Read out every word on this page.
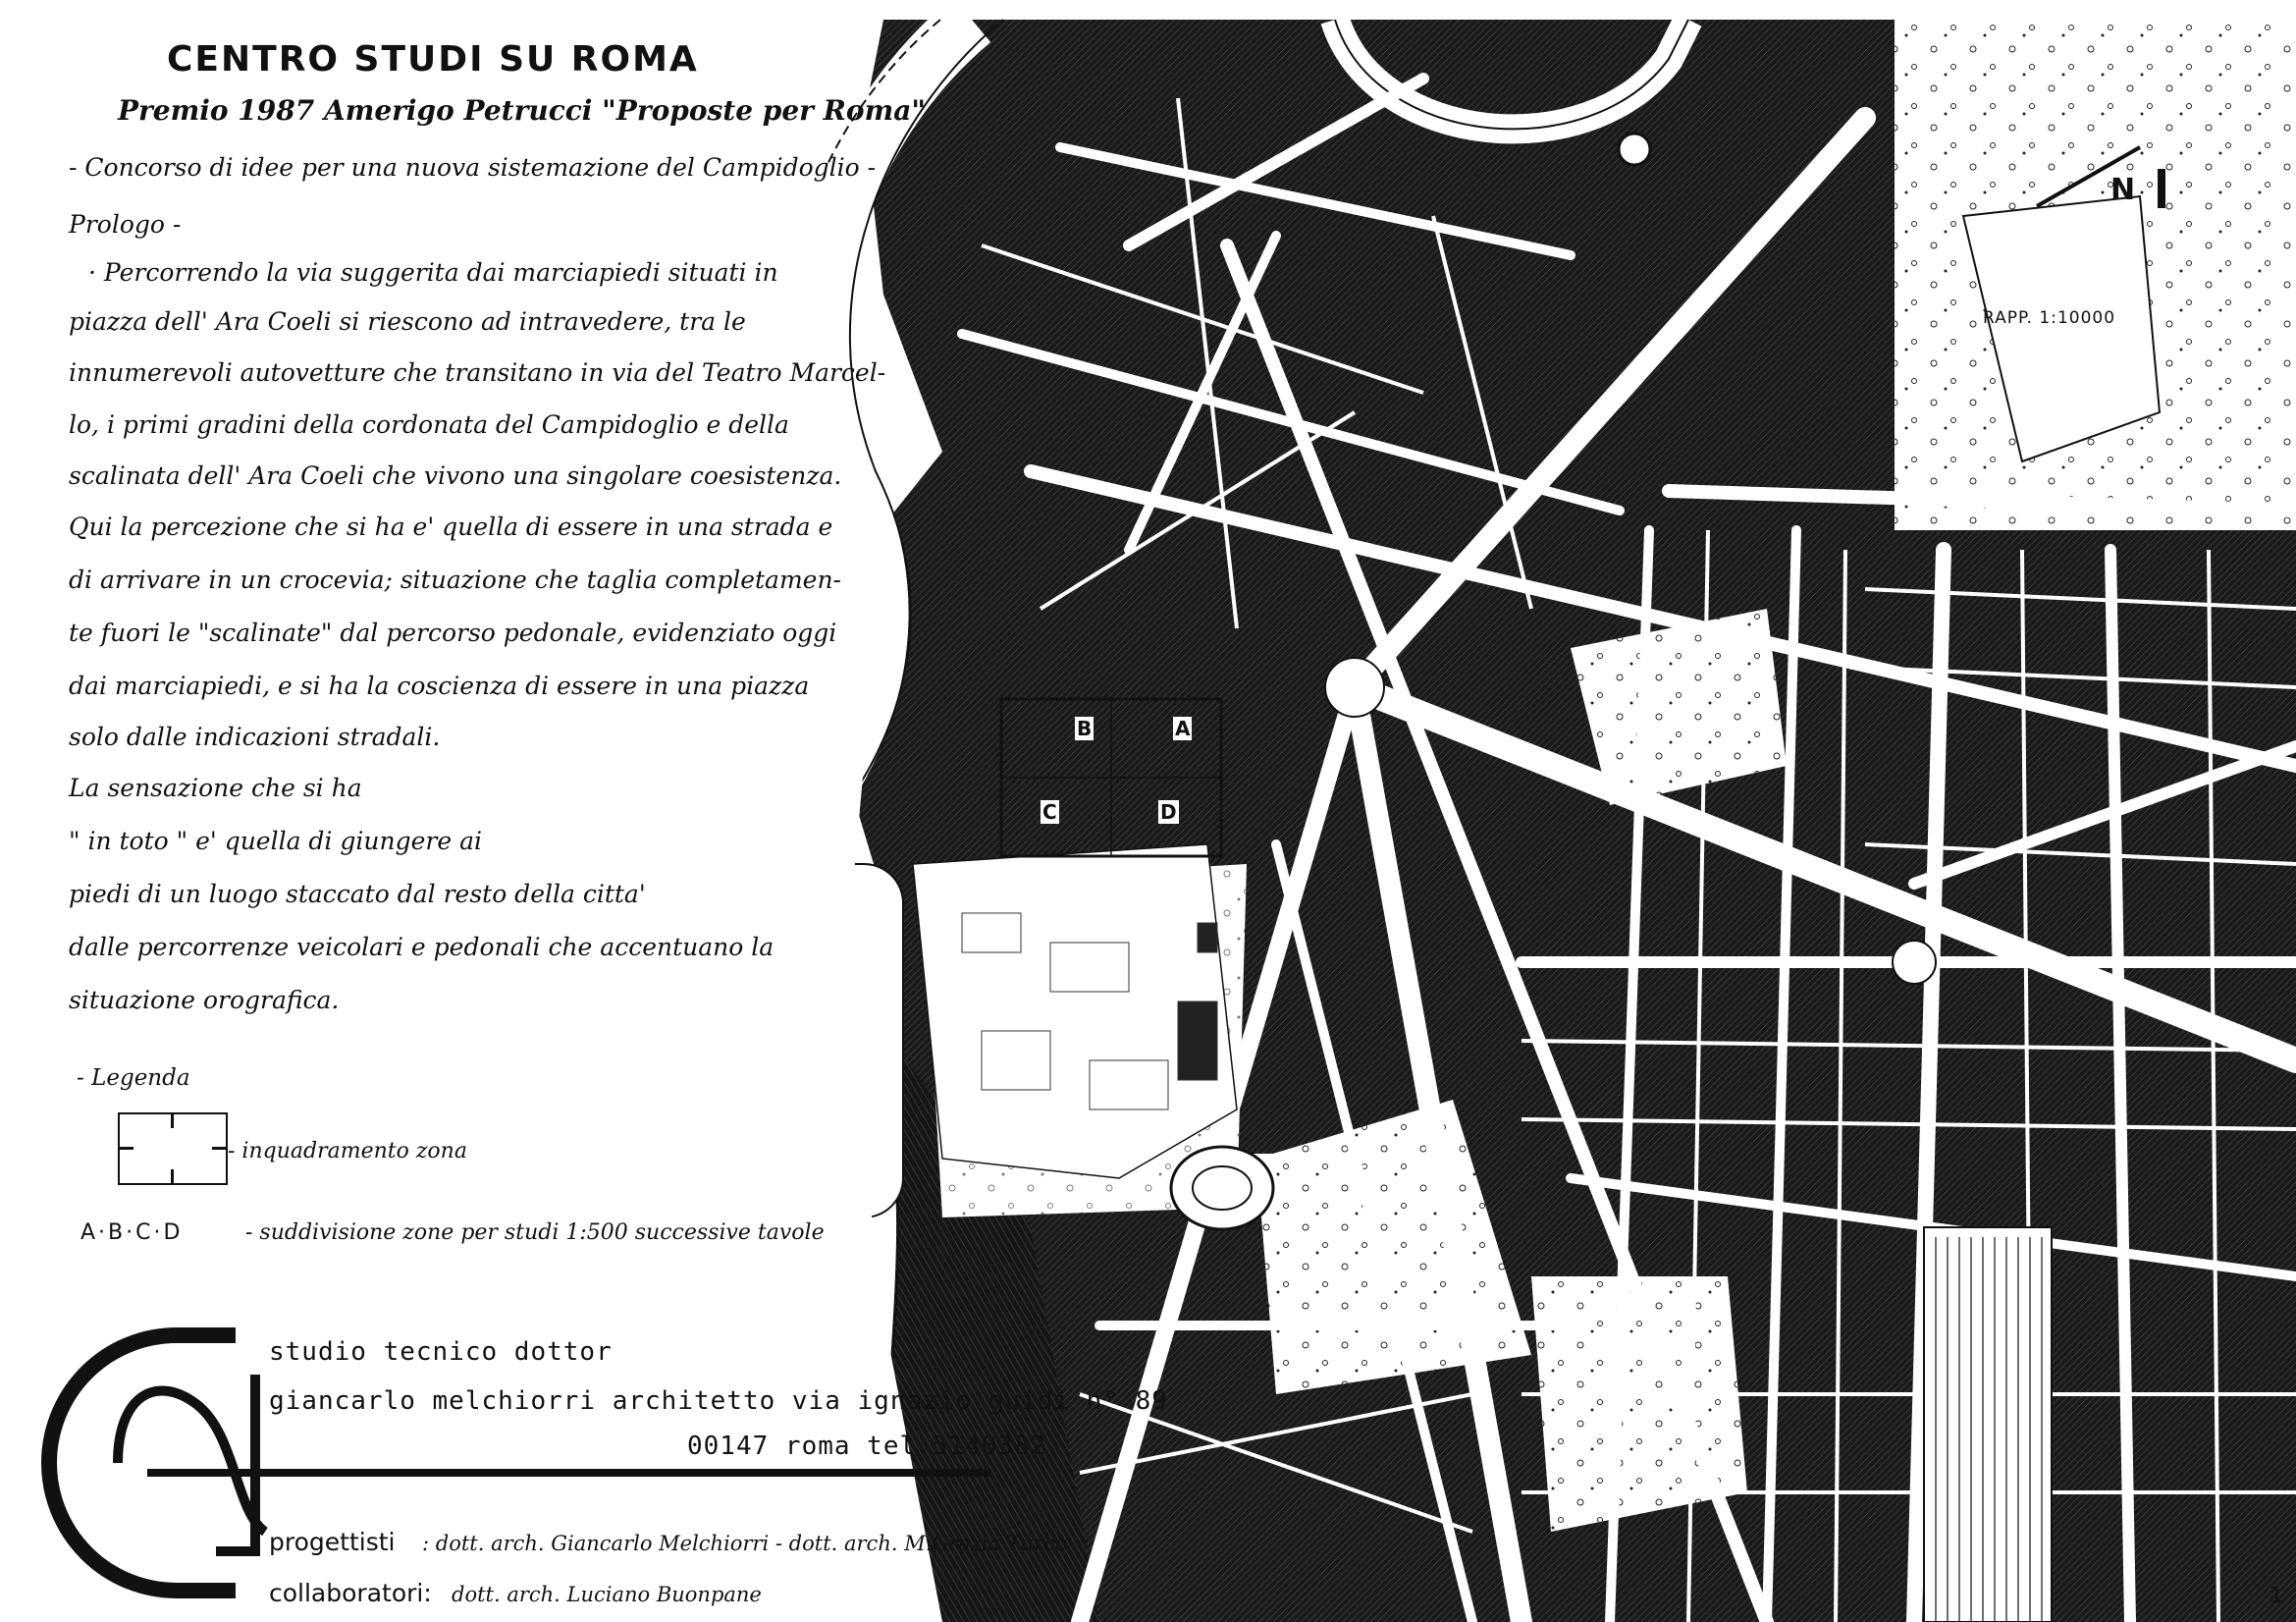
CENTRO STUDI SU ROMA
Premio 1987 Amerigo Petrucci "Proposte per Roma"
- Concorso di idee per una nuova sistemazione del Campidoglio -
Prologo -
· Percorrendo la via suggerita dai marciapiedi situati in
piazza dell' Ara Coeli si riescono ad intravedere, tra le
innumerevoli autovetture che transitano in via del Teatro Marcel-
lo, i primi gradini della cordonata del Campidoglio e della
scalinata dell' Ara Coeli che vivono una singolare coesistenza.
Qui la percezione che si ha e' quella di essere in una strada e
di arrivare in un crocevia; situazione che taglia completamen-
te fuori le "scalinate" dal percorso pedonale, evidenziato oggi
dai marciapiedi, e si ha la coscienza di essere in una piazza
solo dalle indicazioni stradali.
La sensazione che si ha
" in toto " e' quella di giungere ai
piedi di un luogo staccato dal resto della citta'
dalle percorrenze veicolari e pedonali che accentuano la
situazione orografica.
- Legenda
- inquadramento zona
A·B·C·D	- suddivisione zone per studi 1:500 successive tavole
N
RAPP. 1:10000
B	A
C	D
1
studio tecnico dottor
giancarlo melchiorri architetto via ignazio guidi n° 89
00147 roma tel.5140382
progettisti : dott. arch. Giancarlo Melchiorri - dott. arch. M.Grazia Turco
collaboratori: dott. arch. Luciano Buonpane
